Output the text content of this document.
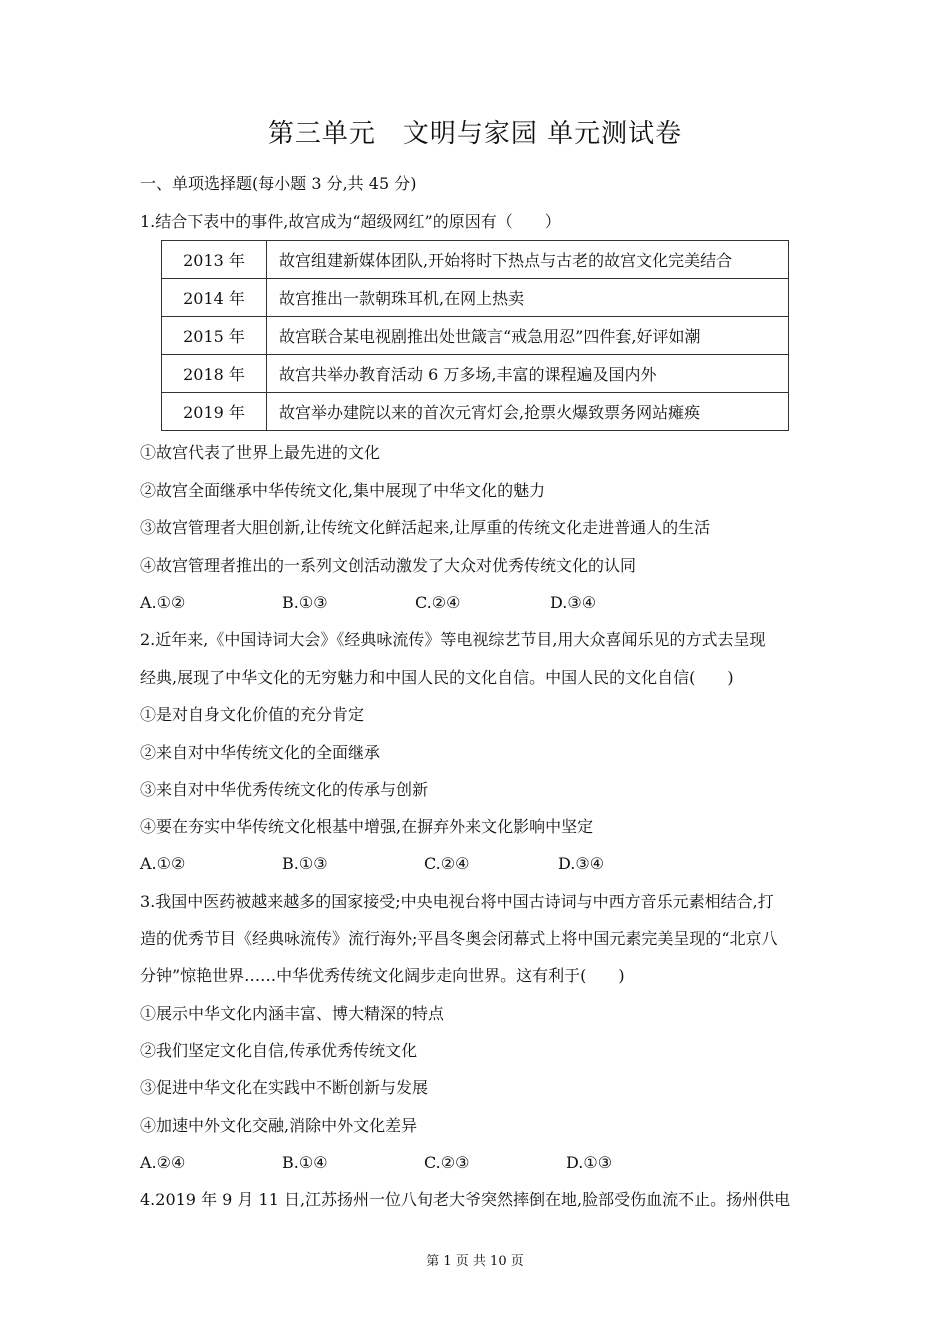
第三单元　文明与家园 单元测试卷
一、单项选择题(每小题 3 分,共 45 分)
1.结合下表中的事件,故宫成为“超级网红”的原因有（　　）
2013 年	故宫组建新媒体团队,开始将时下热点与古老的故宫文化完美结合
2014 年	故宫推出一款朝珠耳机,在网上热卖
2015 年	故宫联合某电视剧推出处世箴言“戒急用忍”四件套,好评如潮
2018 年	故宫共举办教育活动 6 万多场,丰富的课程遍及国内外
2019 年	故宫举办建院以来的首次元宵灯会,抢票火爆致票务网站瘫痪
①故宫代表了世界上最先进的文化
②故宫全面继承中华传统文化,集中展现了中华文化的魅力
③故宫管理者大胆创新,让传统文化鲜活起来,让厚重的传统文化走进普通人的生活
④故宫管理者推出的一系列文创活动激发了大众对优秀传统文化的认同
A.①②	B.①③	C.②④	D.③④
2.近年来,《中国诗词大会》《经典咏流传》等电视综艺节目,用大众喜闻乐见的方式去呈现
经典,展现了中华文化的无穷魅力和中国人民的文化自信。中国人民的文化自信(　　)
①是对自身文化价值的充分肯定
②来自对中华传统文化的全面继承
③来自对中华优秀传统文化的传承与创新
④要在夯实中华传统文化根基中增强,在摒弃外来文化影响中坚定
A.①②	B.①③	C.②④	D.③④
3.我国中医药被越来越多的国家接受;中央电视台将中国古诗词与中西方音乐元素相结合,打
造的优秀节目《经典咏流传》流行海外;平昌冬奥会闭幕式上将中国元素完美呈现的“北京八
分钟”惊艳世界……中华优秀传统文化阔步走向世界。这有利于(　　)
①展示中华文化内涵丰富、博大精深的特点
②我们坚定文化自信,传承优秀传统文化
③促进中华文化在实践中不断创新与发展
④加速中外文化交融,消除中外文化差异
A.②④	B.①④	C.②③	D.①③
4.2019 年 9 月 11 日,江苏扬州一位八旬老大爷突然摔倒在地,脸部受伤血流不止。扬州供电
第 1 页 共 10 页
